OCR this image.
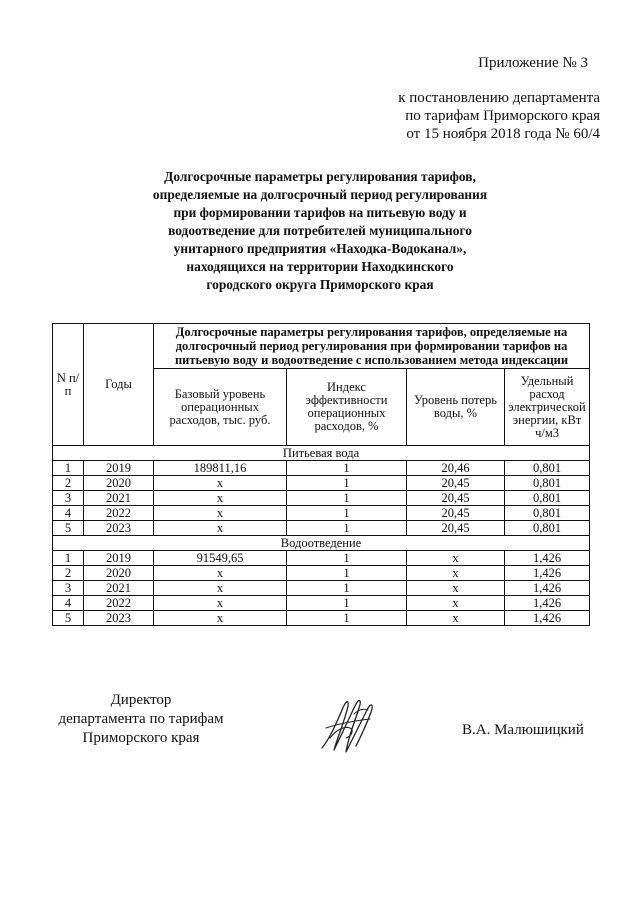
Приложение № 3
к постановлению департамента
по тарифам Приморского края
от 15 ноября 2018 года № 60/4
Долгосрочные параметры регулирования тарифов,
определяемые на долгосрочный период регулирования
при формировании тарифов на питьевую воду и
водоотведение для потребителей муниципального
унитарного предприятия «Находка-Водоканал»,
находящихся на территории Находкинского
городского округа Приморского края
N п/п	Годы	Долгосрочные параметры регулирования тарифов, определяемые на долгосрочный период регулирования при формировании тарифов на питьевую воду и водоотведение с использованием метода индексации			
		Базовый уровень операционных расходов, тыс. руб.	Индекс эффективности операционных расходов, %	Уровень потерь воды, %	Удельный расход электрической энергии, кВт ч/м3
Питьевая вода					
1	2019	189811,16	1	20,46	0,801
2	2020	х	1	20,45	0,801
3	2021	х	1	20,45	0,801
4	2022	х	1	20,45	0,801
5	2023	х	1	20,45	0,801
Водоотведение					
1	2019	91549,65	1	х	1,426
2	2020	х	1	х	1,426
3	2021	х	1	х	1,426
4	2022	х	1	х	1,426
5	2023	х	1	х	1,426
Директор
департамента по тарифам
Приморского края	В.А. Малюшицкий
